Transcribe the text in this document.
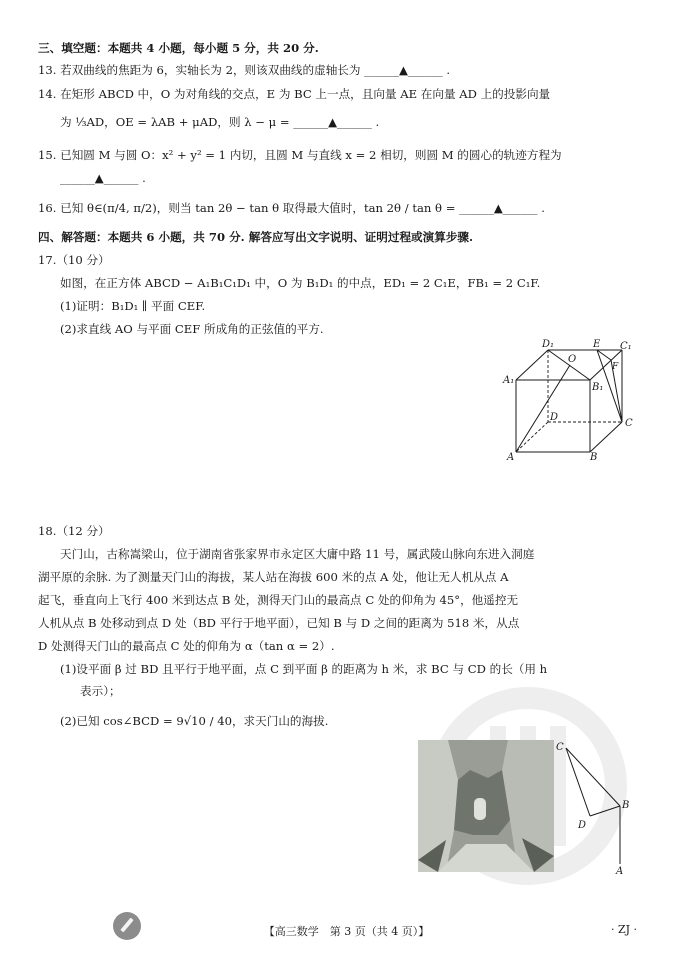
三、填空题：本题共 4 小题，每小题 5 分，共 20 分.
13. 若双曲线的焦距为 6，实轴长为 2，则该双曲线的虚轴长为 ______▲______ .
14. 在矩形 ABCD 中，O 为对角线的交点，E 为 BC 上一点，且向量 AE 在向量 AD 上的投影向量
为 ⅓AD，OE = λAB + μAD，则 λ − μ = ______▲______ .
15. 已知圆 M 与圆 O：x² + y² = 1 内切，且圆 M 与直线 x = 2 相切，则圆 M 的圆心的轨迹方程为
______▲______ .
16. 已知 θ∈(π/4, π/2)，则当 tan 2θ − tan θ 取得最大值时，tan 2θ / tan θ = ______▲______ .
四、解答题：本题共 6 小题，共 70 分. 解答应写出文字说明、证明过程或演算步骤.
17.（10 分）
如图，在正方体 ABCD − A₁B₁C₁D₁ 中，O 为 B₁D₁ 的中点，ED₁ = 2 C₁E，FB₁ = 2 C₁F.
(1)证明：B₁D₁ ∥ 平面 CEF.
(2)求直线 AO 与平面 CEF 所成角的正弦值的平方.
D₁
O
E C₁
A₁
B₁
F
D
C
A	B
18.（12 分）
天门山，古称嵩梁山，位于湖南省张家界市永定区大庸中路 11 号，属武陵山脉向东进入洞庭
湖平原的余脉. 为了测量天门山的海拔，某人站在海拔 600 米的点 A 处，他让无人机从点 A
起飞，垂直向上飞行 400 米到达点 B 处，测得天门山的最高点 C 处的仰角为 45°，他遥控无
人机从点 B 处移动到点 D 处（BD 平行于地平面），已知 B 与 D 之间的距离为 518 米，从点
D 处测得天门山的最高点 C 处的仰角为 α（tan α = 2）.
(1)设平面 β 过 BD 且平行于地平面，点 C 到平面 β 的距离为 h 米，求 BC 与 CD 的长（用 h
表示）；
(2)已知 cos∠BCD = 9√10 / 40，求天门山的海拔.
C
B
D
A
【高三数学　第 3 页（共 4 页）】	· ZJ ·
